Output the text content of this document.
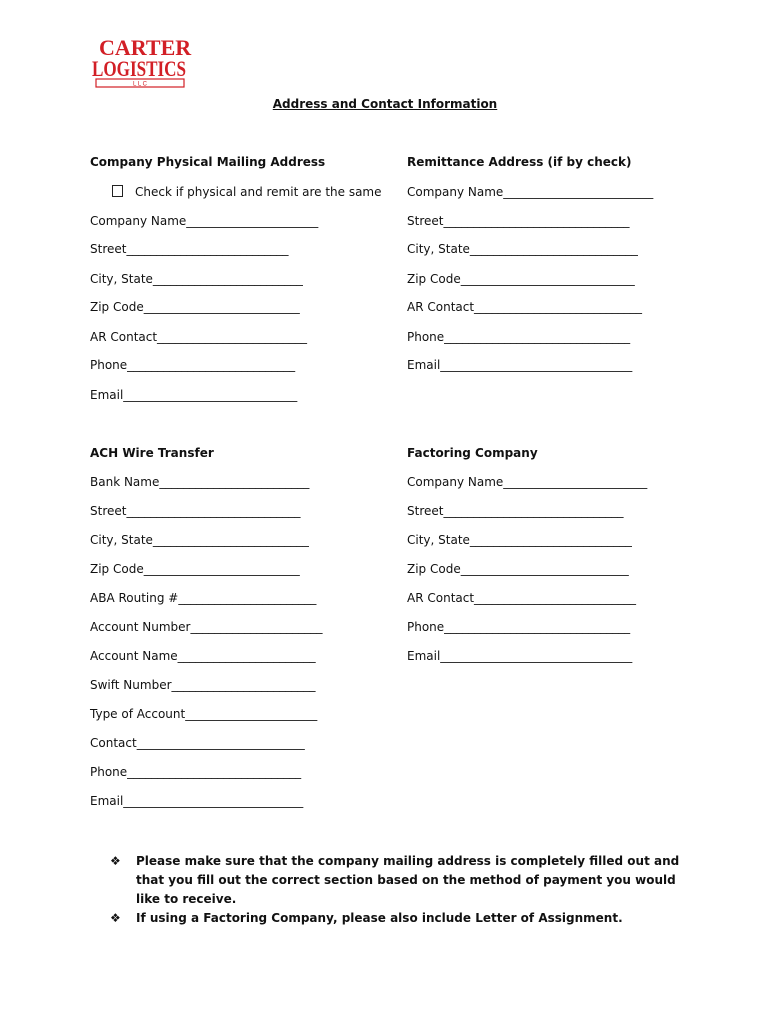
CARTER
LOGISTICS
L L C
Address and Contact Information
Company Physical Mailing Address
Check if physical and remit are the same
Company Name______________________
Street___________________________
City, State_________________________
Zip Code__________________________
AR Contact_________________________
Phone____________________________
Email_____________________________
Remittance Address (if by check)
Company Name_________________________
Street_______________________________
City, State____________________________
Zip Code_____________________________
AR Contact____________________________
Phone_______________________________
Email________________________________
ACH Wire Transfer
Bank Name_________________________
Street_____________________________
City, State__________________________
Zip Code__________________________
ABA Routing #_______________________
Account Number______________________
Account Name_______________________
Swift Number________________________
Type of Account______________________
Contact____________________________
Phone_____________________________
Email______________________________
Factoring Company
Company Name________________________
Street______________________________
City, State___________________________
Zip Code____________________________
AR Contact___________________________
Phone_______________________________
Email________________________________
❖ Please make sure that the company mailing address is completely filled out and that you fill out the correct section based on the method of payment you would like to receive.
❖ If using a Factoring Company, please also include Letter of Assignment.
